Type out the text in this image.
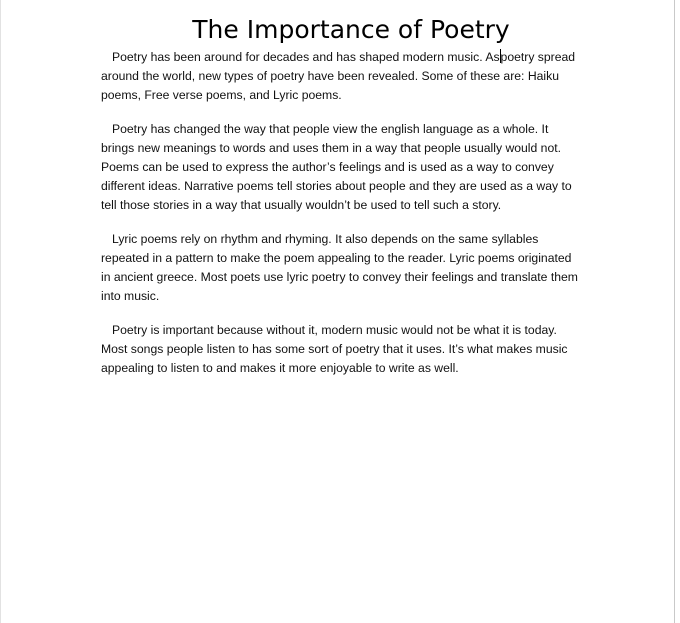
The Importance of Poetry

Poetry has been around for decades and has shaped modern music. Aspoetry spread around the world, new types of poetry have been revealed. Some of these are: Haiku poems, Free verse poems, and Lyric poems.

Poetry has changed the way that people view the english language as a whole. It brings new meanings to words and uses them in a way that people usually would not. Poems can be used to express the author’s feelings and is used as a way to convey different ideas. Narrative poems tell stories about people and they are used as a way to tell those stories in a way that usually wouldn’t be used to tell such a story.

Lyric poems rely on rhythm and rhyming. It also depends on the same syllables repeated in a pattern to make the poem appealing to the reader. Lyric poems originated in ancient greece. Most poets use lyric poetry to convey their feelings and translate them into music.

Poetry is important because without it, modern music would not be what it is today. Most songs people listen to has some sort of poetry that it uses. It’s what makes music appealing to listen to and makes it more enjoyable to write as well.
